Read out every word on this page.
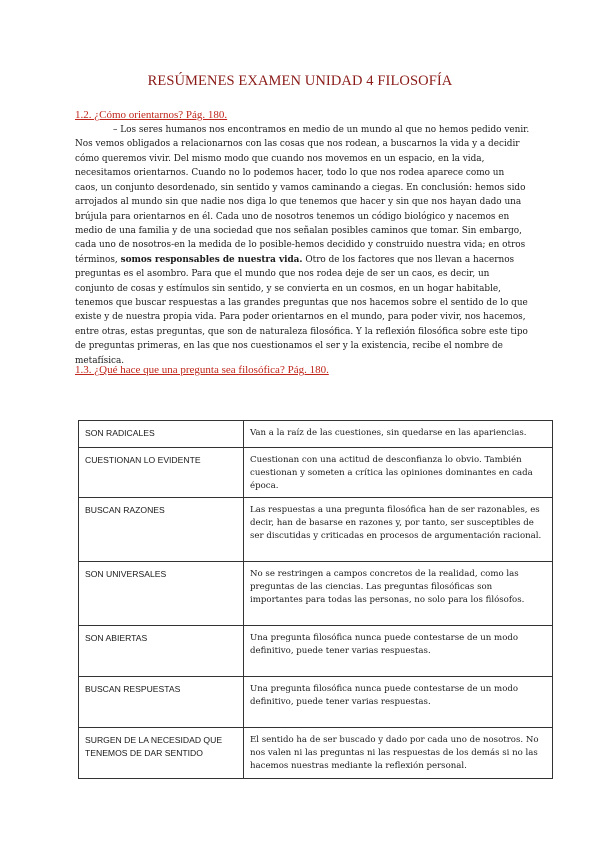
RESÚMENES EXAMEN UNIDAD 4 FILOSOFÍA
1.2. ¿Cómo orientarnos? Pág. 180.
– Los seres humanos nos encontramos en medio de un mundo al que no hemos pedido venir. Nos vemos obligados a relacionarnos con las cosas que nos rodean, a buscarnos la vida y a decidir cómo queremos vivir. Del mismo modo que cuando nos movemos en un espacio, en la vida, necesitamos orientarnos. Cuando no lo podemos hacer, todo lo que nos rodea aparece como un caos, un conjunto desordenado, sin sentido y vamos caminando a ciegas. En conclusión: hemos sido arrojados al mundo sin que nadie nos diga lo que tenemos que hacer y sin que nos hayan dado una brújula para orientarnos en él. Cada uno de nosotros tenemos un código biológico y nacemos en medio de una familia y de una sociedad que nos señalan posibles caminos que tomar. Sin embargo, cada uno de nosotros-en la medida de lo posible-hemos decidido y construido nuestra vida; en otros términos, somos responsables de nuestra vida. Otro de los factores que nos llevan a hacernos preguntas es el asombro. Para que el mundo que nos rodea deje de ser un caos, es decir, un conjunto de cosas y estímulos sin sentido, y se convierta en un cosmos, en un hogar habitable, tenemos que buscar respuestas a las grandes preguntas que nos hacemos sobre el sentido de lo que existe y de nuestra propia vida. Para poder orientarnos en el mundo, para poder vivir, nos hacemos, entre otras, estas preguntas, que son de naturaleza filosófica. Y la reflexión filosófica sobre este tipo de preguntas primeras, en las que nos cuestionamos el ser y la existencia, recibe el nombre de metafísica.
1.3. ¿Qué hace que una pregunta sea filosófica? Pág. 180.
SON RADICALES	Van a la raíz de las cuestiones, sin quedarse en las apariencias.
CUESTIONAN LO EVIDENTE	Cuestionan con una actitud de desconfianza lo obvio. También cuestionan y someten a crítica las opiniones dominantes en cada época.
BUSCAN RAZONES	Las respuestas a una pregunta filosófica han de ser razonables, es decir, han de basarse en razones y, por tanto, ser susceptibles de ser discutidas y criticadas en procesos de argumentación racional.
SON UNIVERSALES	No se restringen a campos concretos de la realidad, como las preguntas de las ciencias. Las preguntas filosóficas son importantes para todas las personas, no solo para los filósofos.
SON ABIERTAS	Una pregunta filosófica nunca puede contestarse de un modo definitivo, puede tener varias respuestas.
BUSCAN RESPUESTAS	Una pregunta filosófica nunca puede contestarse de un modo definitivo, puede tener varias respuestas.
SURGEN DE LA NECESIDAD QUE TENEMOS DE DAR SENTIDO	El sentido ha de ser buscado y dado por cada uno de nosotros. No nos valen ni las preguntas ni las respuestas de los demás si no las hacemos nuestras mediante la reflexión personal.
